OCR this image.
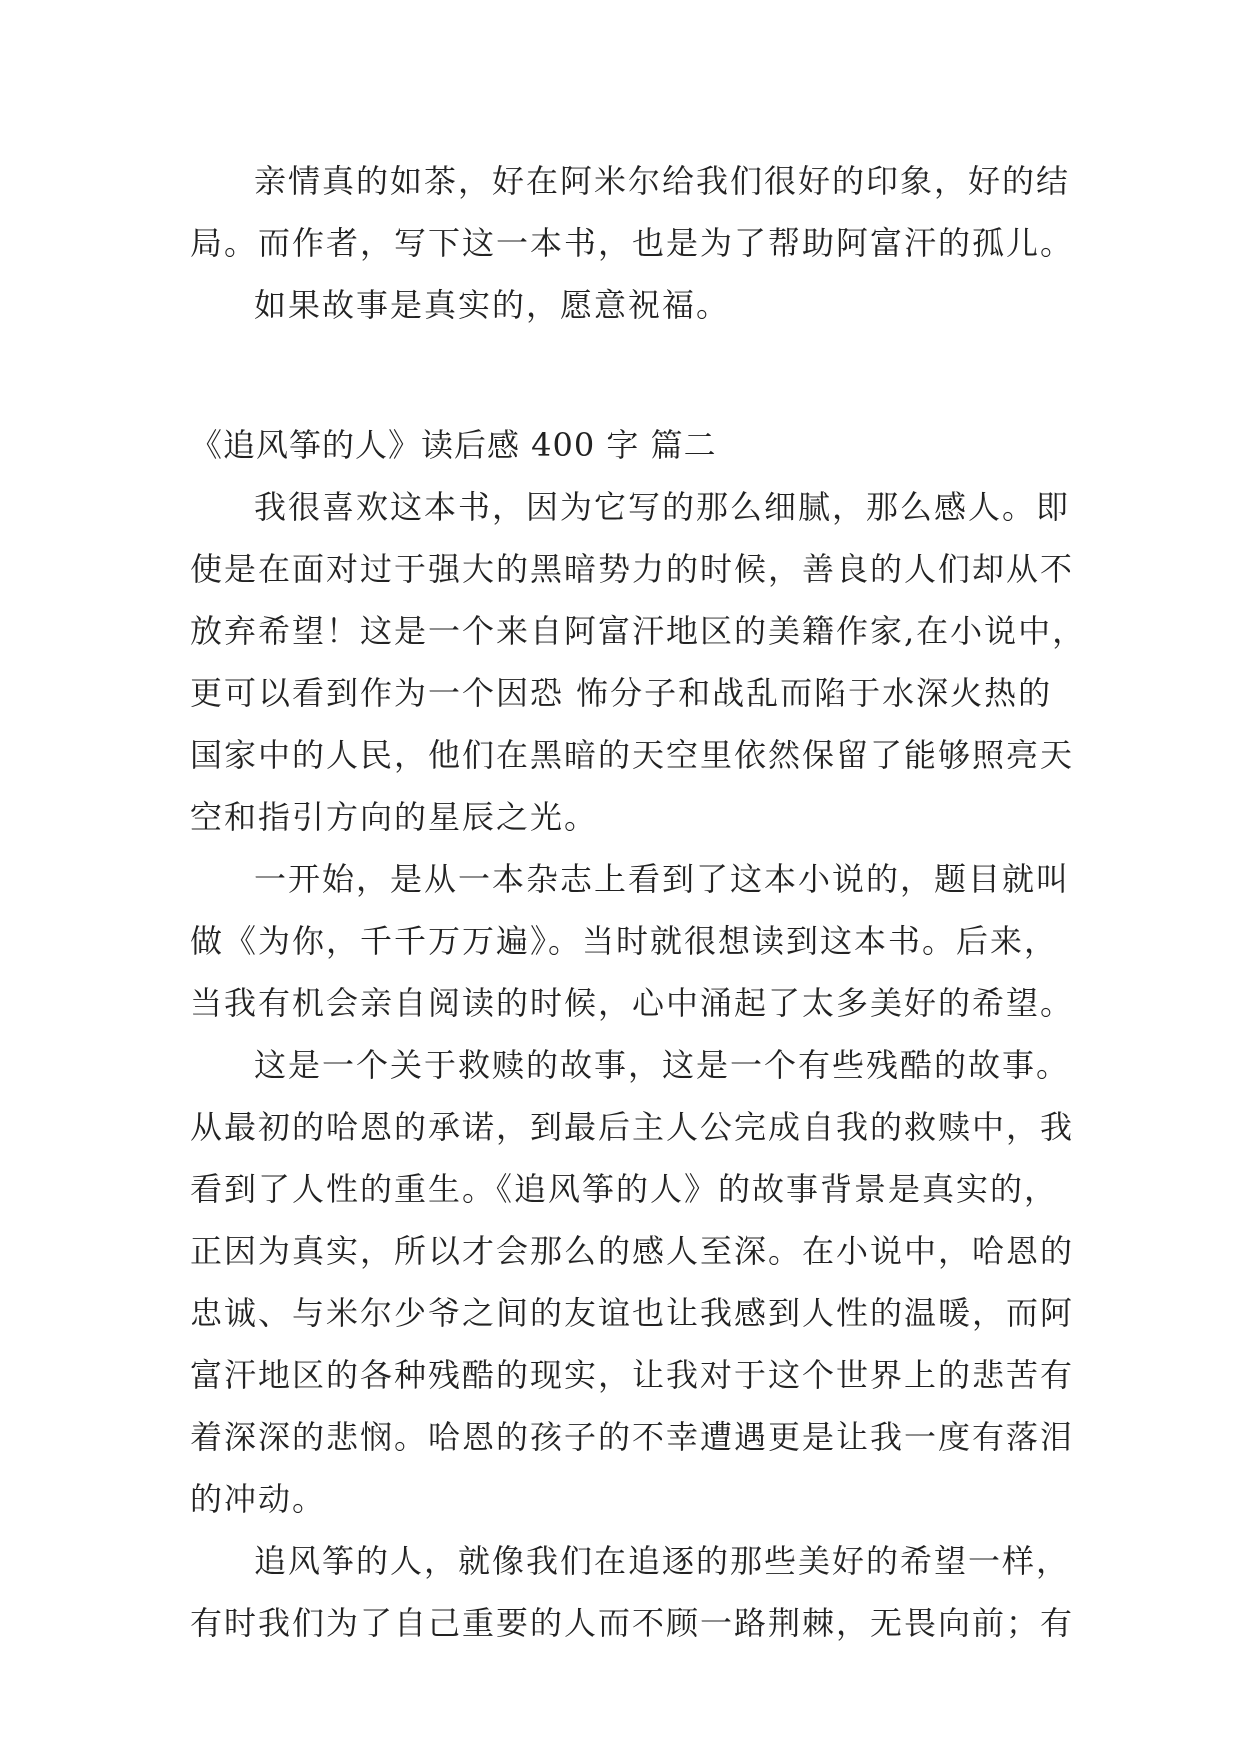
亲情真的如茶，好在阿米尔给我们很好的印象，好的结
局。而作者，写下这一本书，也是为了帮助阿富汗的孤儿。
如果故事是真实的，愿意祝福。
《追风筝的人》读后感 400 字 篇二
我很喜欢这本书，因为它写的那么细腻，那么感人。即
使是在面对过于强大的黑暗势力的时候，善良的人们却从不
放弃希望！这是一个来自阿富汗地区的美籍作家,在小说中，
更可以看到作为一个因恐 怖分子和战乱而陷于水深火热的
国家中的人民，他们在黑暗的天空里依然保留了能够照亮天
空和指引方向的星辰之光。
一开始，是从一本杂志上看到了这本小说的，题目就叫
做《为你，千千万万遍》。当时就很想读到这本书。后来，
当我有机会亲自阅读的时候，心中涌起了太多美好的希望。
这是一个关于救赎的故事，这是一个有些残酷的故事。
从最初的哈恩的承诺，到最后主人公完成自我的救赎中，我
看到了人性的重生。《追风筝的人》的故事背景是真实的，
正因为真实，所以才会那么的感人至深。在小说中，哈恩的
忠诚、与米尔少爷之间的友谊也让我感到人性的温暖，而阿
富汗地区的各种残酷的现实，让我对于这个世界上的悲苦有
着深深的悲悯。哈恩的孩子的不幸遭遇更是让我一度有落泪
的冲动。
追风筝的人，就像我们在追逐的那些美好的希望一样，
有时我们为了自己重要的人而不顾一路荆棘，无畏向前；有
